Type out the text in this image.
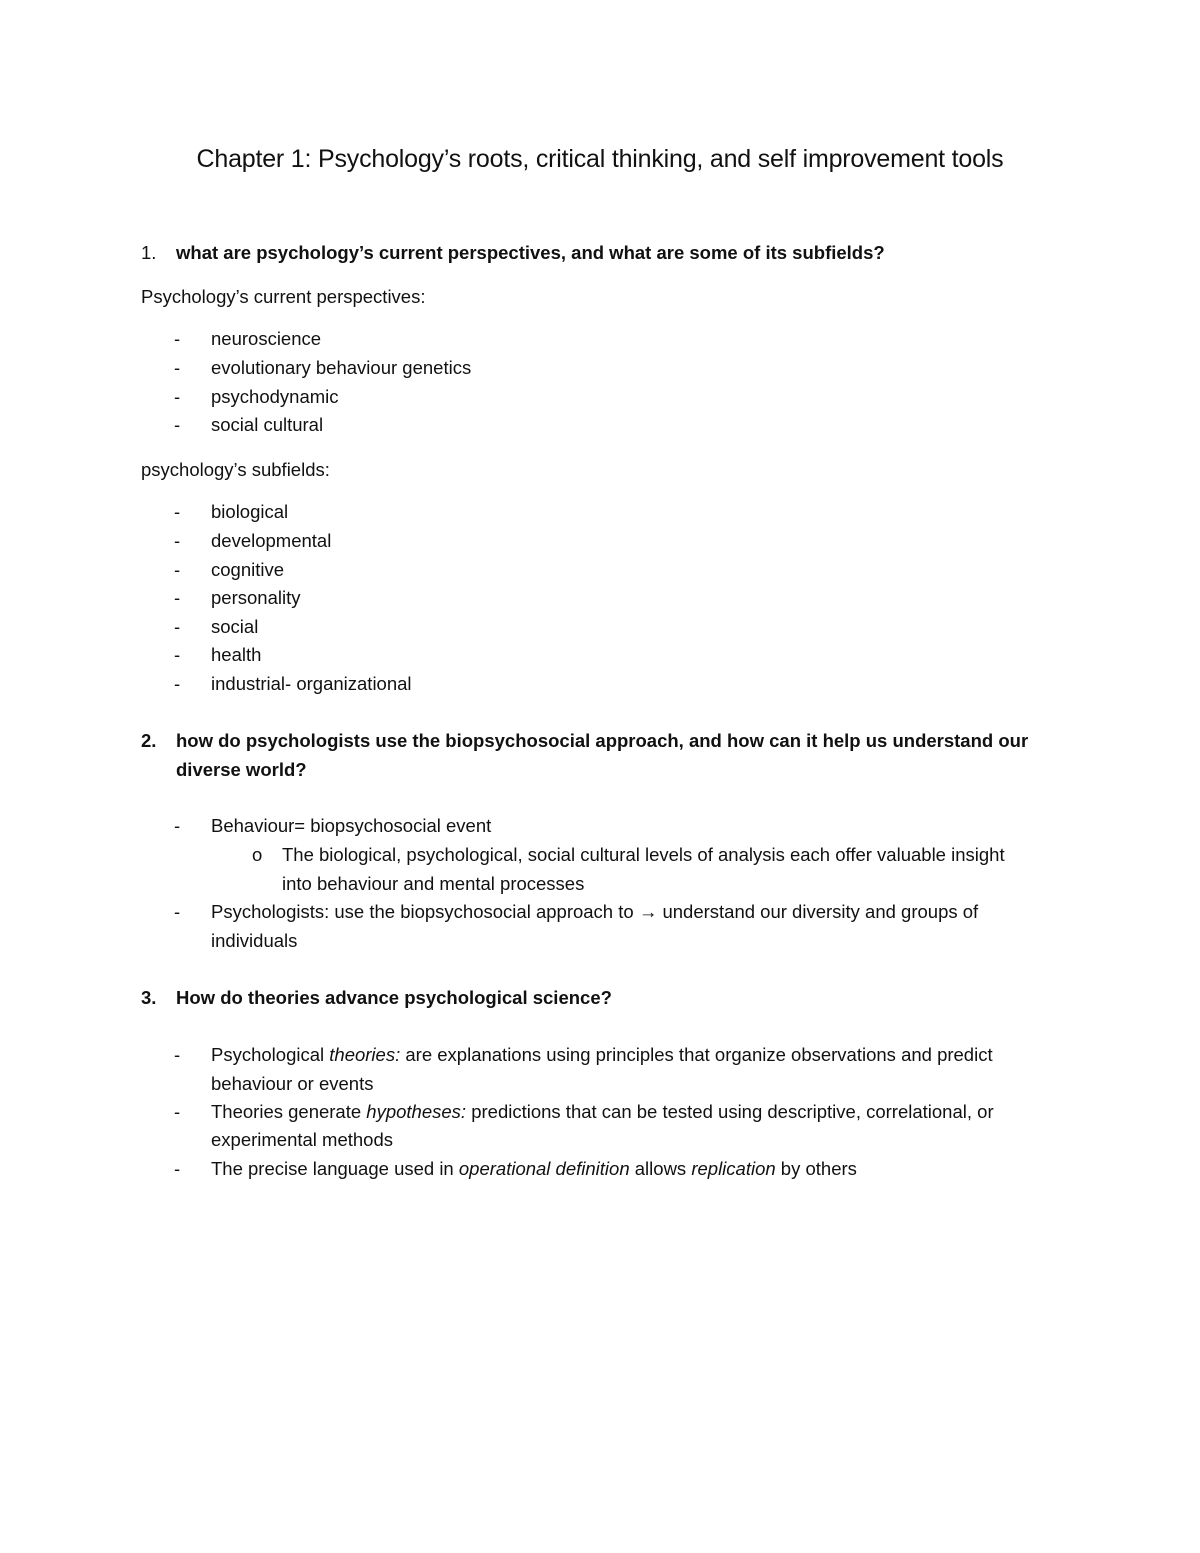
Chapter 1: Psychology’s roots, critical thinking, and self improvement tools
1. what are psychology’s current perspectives, and what are some of its subfields?
Psychology’s current perspectives:
- neuroscience
- evolutionary behaviour genetics
- psychodynamic
- social cultural
psychology’s subfields:
- biological
- developmental
- cognitive
- personality
- social
- health
- industrial- organizational
2. how do psychologists use the biopsychosocial approach, and how can it help us understand our
diverse world?
- Behaviour= biopsychosocial event
o The biological, psychological, social cultural levels of analysis each offer valuable insight
into behaviour and mental processes
- Psychologists: use the biopsychosocial approach to → understand our diversity and groups of
individuals
3. How do theories advance psychological science?
- Psychological theories: are explanations using principles that organize observations and predict
behaviour or events
- Theories generate hypotheses: predictions that can be tested using descriptive, correlational, or
experimental methods
- The precise language used in operational definition allows replication by others
